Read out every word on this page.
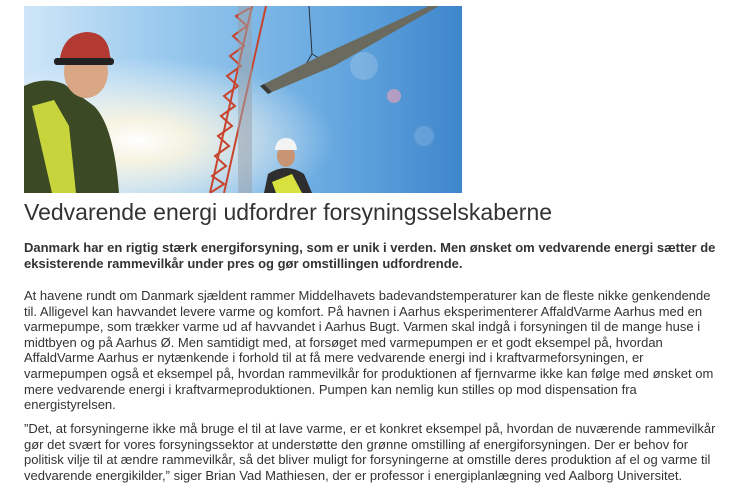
Vedvarende energi udfordrer forsyningsselskaberne

Danmark har en rigtig stærk energiforsyning, som er unik i verden. Men ønsket om vedvarende energi sætter de eksisterende rammevilkår under pres og gør omstillingen udfordrende.

At havene rundt om Danmark sjældent rammer Middelhavets badevandstemperaturer kan de fleste nikke genkendende til. Alligevel kan havvandet levere varme og komfort. På havnen i Aarhus eksperimenterer AffaldVarme Aarhus med en varmepumpe, som trækker varme ud af havvandet i Aarhus Bugt. Varmen skal indgå i forsyningen til de mange huse i midtbyen og på Aarhus Ø. Men samtidigt med, at forsøget med varmepumpen er et godt eksempel på, hvordan AffaldVarme Aarhus er nytænkende i forhold til at få mere vedvarende energi ind i kraftvarmeforsyningen, er varmepumpen også et eksempel på, hvordan rammevilkår for produktionen af fjernvarme ikke kan følge med ønsket om mere vedvarende energi i kraftvarmeproduktionen. Pumpen kan nemlig kun stilles op mod dispensation fra energistyrelsen.

”Det, at forsyningerne ikke må bruge el til at lave varme, er et konkret eksempel på, hvordan de nuværende rammevilkår gør det svært for vores forsyningssektor at understøtte den grønne omstilling af energiforsyningen. Der er behov for politisk vilje til at ændre rammevilkår, så det bliver muligt for forsyningerne at omstille deres produktion af el og varme til vedvarende energikilder,” siger Brian Vad Mathiesen, der er professor i energiplanlægning ved Aalborg Universitet.
